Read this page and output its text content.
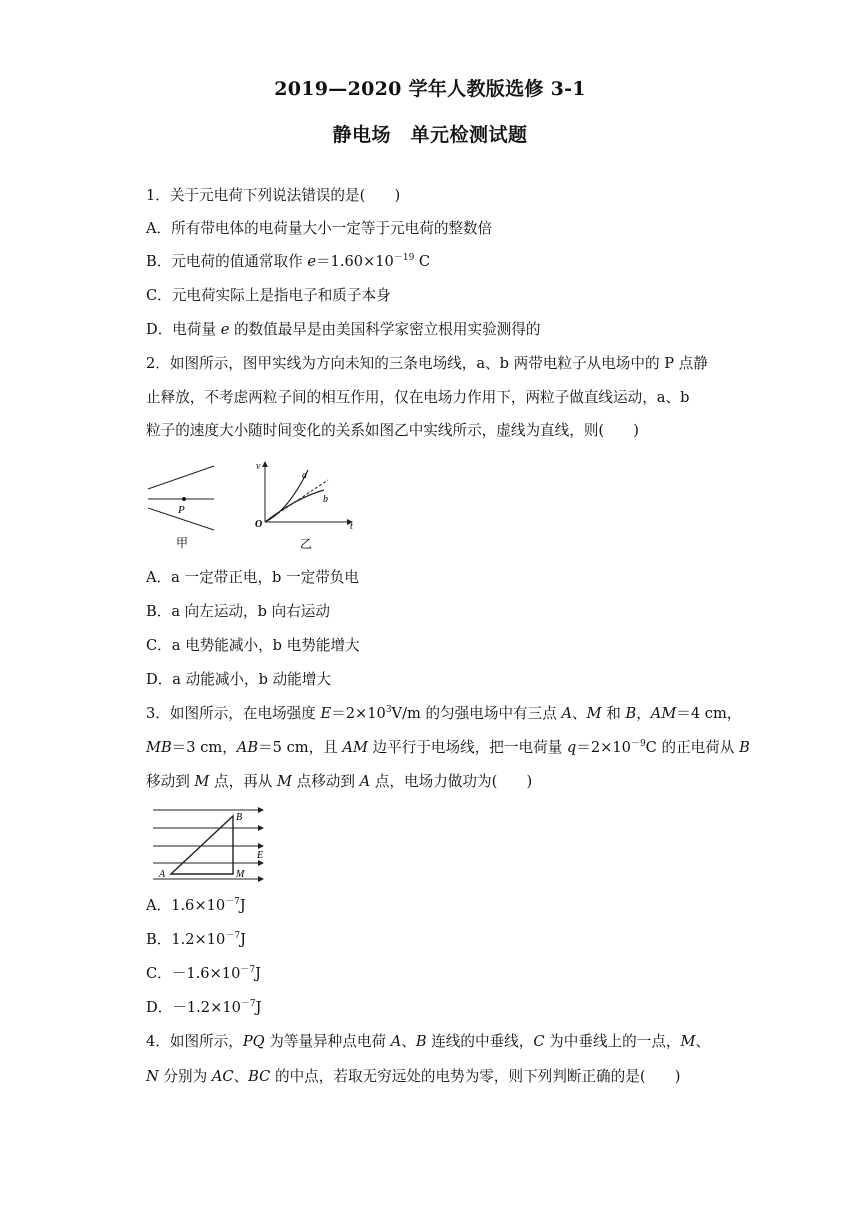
2019—2020 学年人教版选修 3-1
静电场　单元检测试题
1．关于元电荷下列说法错误的是(　　)
A．所有带电体的电荷量大小一定等于元电荷的整数倍
B．元电荷的值通常取作 $e=1.60\times 10^{-19}$ C
C．元电荷实际上是指电子和质子本身
D．电荷量 e 的数值最早是由美国科学家密立根用实验测得的
2．如图所示，图甲实线为方向未知的三条电场线，a、b 两带电粒子从电场中的 P 点静
止释放，不考虑两粒子间的相互作用，仅在电场力作用下，两粒子做直线运动，a、b
粒子的速度大小随时间变化的关系如图乙中实线所示，虚线为直线，则(　　)
P
甲
v
t
O
a
b
乙
A．a 一定带正电，b 一定带负电
B．a 向左运动，b 向右运动
C．a 电势能减小，b 电势能增大
D．a 动能减小，b 动能增大
3．如图所示，在电场强度 $E=2\times 10^3V/m$ 的匀强电场中有三点 A、M 和 B，AM＝4 cm，
MB＝3 cm，AB＝5 cm，且 AM 边平行于电场线，把一电荷量 $q=2\times 10^{-9}C$ 的正电荷从 B
移动到 M 点，再从 M 点移动到 A 点，电场力做功为(　　)
A
B
M
E
A．$1.6\times 10^{-7}J$
B．$1.2\times 10^{-7}J$
C．$-1.6\times 10^{-7}J$
D．$-1.2\times 10^{-7}J$
4．如图所示，PQ 为等量异种点电荷 A、B 连线的中垂线，C 为中垂线上的一点，M、
N 分别为 AC、BC 的中点，若取无穷远处的电势为零，则下列判断正确的是(　　)
